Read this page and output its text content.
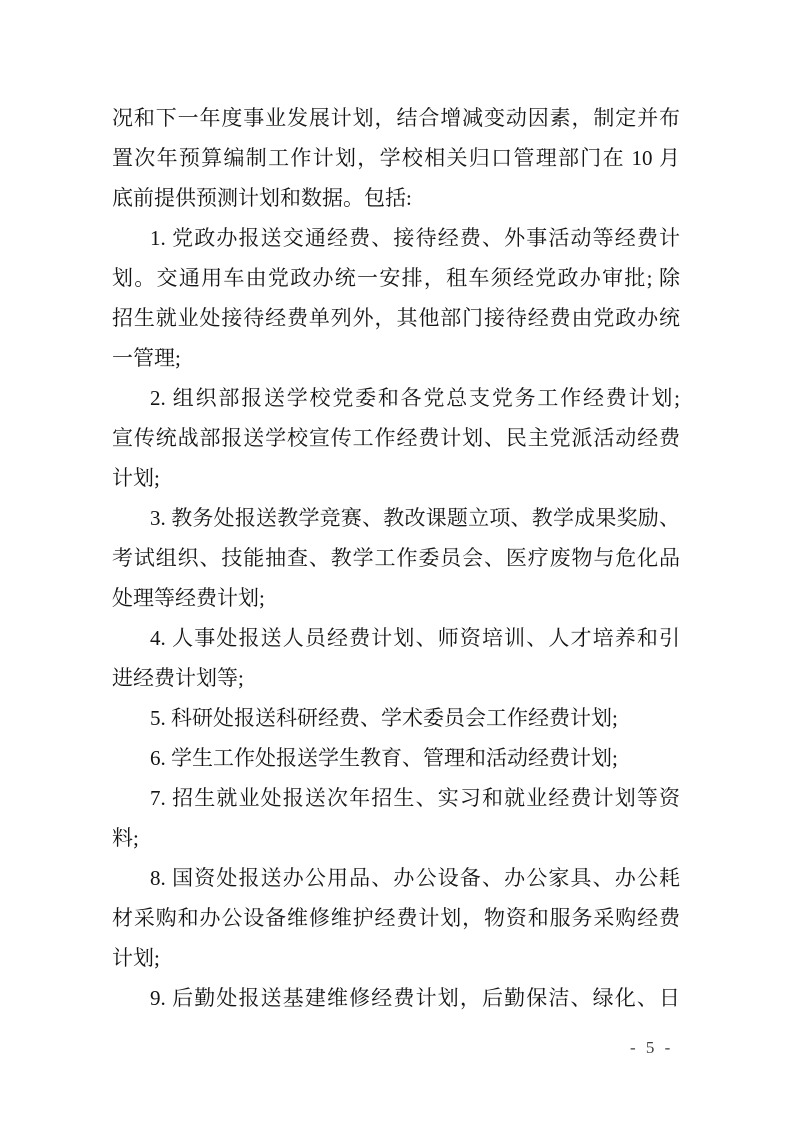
况和下一年度事业发展计划，结合增减变动因素，制定并布
置次年预算编制工作计划，学校相关归口管理部门在 10 月
底前提供预测计划和数据。包括:
1. 党政办报送交通经费、接待经费、外事活动等经费计
划。交通用车由党政办统一安排，租车须经党政办审批; 除
招生就业处接待经费单列外，其他部门接待经费由党政办统
一管理;
2. 组织部报送学校党委和各党总支党务工作经费计划;
宣传统战部报送学校宣传工作经费计划、民主党派活动经费
计划;
3. 教务处报送教学竞赛、教改课题立项、教学成果奖励、
考试组织、技能抽查、教学工作委员会、医疗废物与危化品
处理等经费计划;
4. 人事处报送人员经费计划、师资培训、人才培养和引
进经费计划等;
5. 科研处报送科研经费、学术委员会工作经费计划;
6. 学生工作处报送学生教育、管理和活动经费计划;
7. 招生就业处报送次年招生、实习和就业经费计划等资
料;
8. 国资处报送办公用品、办公设备、办公家具、办公耗
材采购和办公设备维修维护经费计划，物资和服务采购经费
计划;
9. 后勤处报送基建维修经费计划，后勤保洁、绿化、日
- 5 -
